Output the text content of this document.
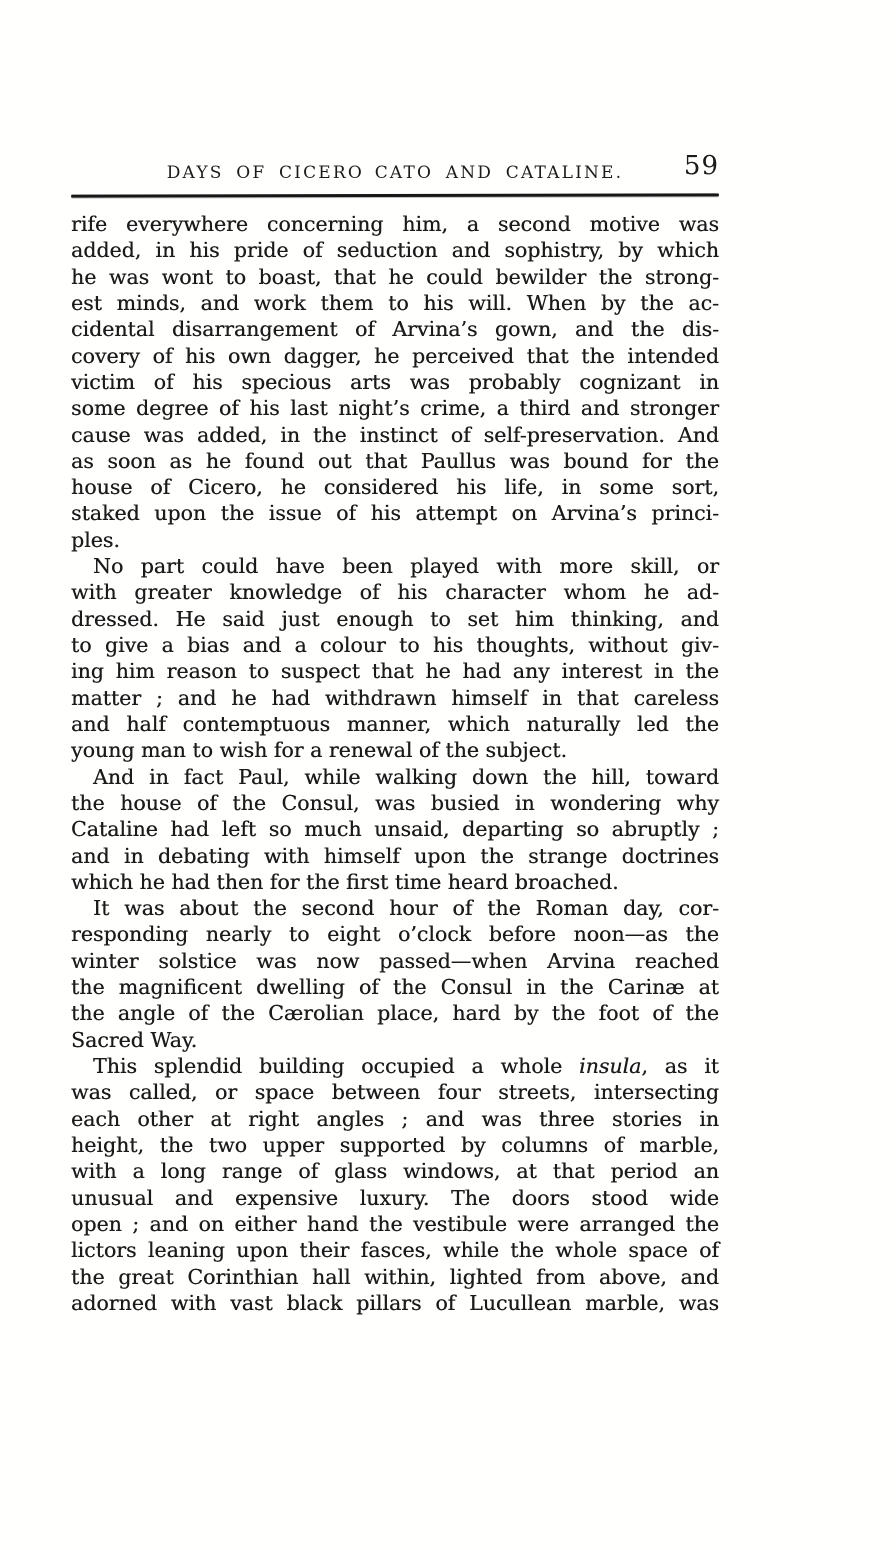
DAYS OF CICERO CATO AND CATALINE.	59
rife everywhere concerning him, a second motive was
added, in his pride of seduction and sophistry, by which
he was wont to boast, that he could bewilder the strong-
est minds, and work them to his will. When by the ac-
cidental disarrangement of Arvina’s gown, and the dis-
covery of his own dagger, he perceived that the intended
victim of his specious arts was probably cognizant in
some degree of his last night’s crime, a third and stronger
cause was added, in the instinct of self-preservation. And
as soon as he found out that Paullus was bound for the
house of Cicero, he considered his life, in some sort,
staked upon the issue of his attempt on Arvina’s princi-
ples.
No part could have been played with more skill, or
with greater knowledge of his character whom he ad-
dressed. He said just enough to set him thinking, and
to give a bias and a colour to his thoughts, without giv-
ing him reason to suspect that he had any interest in the
matter ; and he had withdrawn himself in that careless
and half contemptuous manner, which naturally led the
young man to wish for a renewal of the subject.
And in fact Paul, while walking down the hill, toward
the house of the Consul, was busied in wondering why
Cataline had left so much unsaid, departing so abruptly ;
and in debating with himself upon the strange doctrines
which he had then for the first time heard broached.
It was about the second hour of the Roman day, cor-
responding nearly to eight o’clock before noon—as the
winter solstice was now passed—when Arvina reached
the magnificent dwelling of the Consul in the Carinæ at
the angle of the Cærolian place, hard by the foot of the
Sacred Way.
This splendid building occupied a whole insula, as it
was called, or space between four streets, intersecting
each other at right angles ; and was three stories in
height, the two upper supported by columns of marble,
with a long range of glass windows, at that period an
unusual and expensive luxury. The doors stood wide
open ; and on either hand the vestibule were arranged the
lictors leaning upon their fasces, while the whole space of
the great Corinthian hall within, lighted from above, and
adorned with vast black pillars of Lucullean marble, was
